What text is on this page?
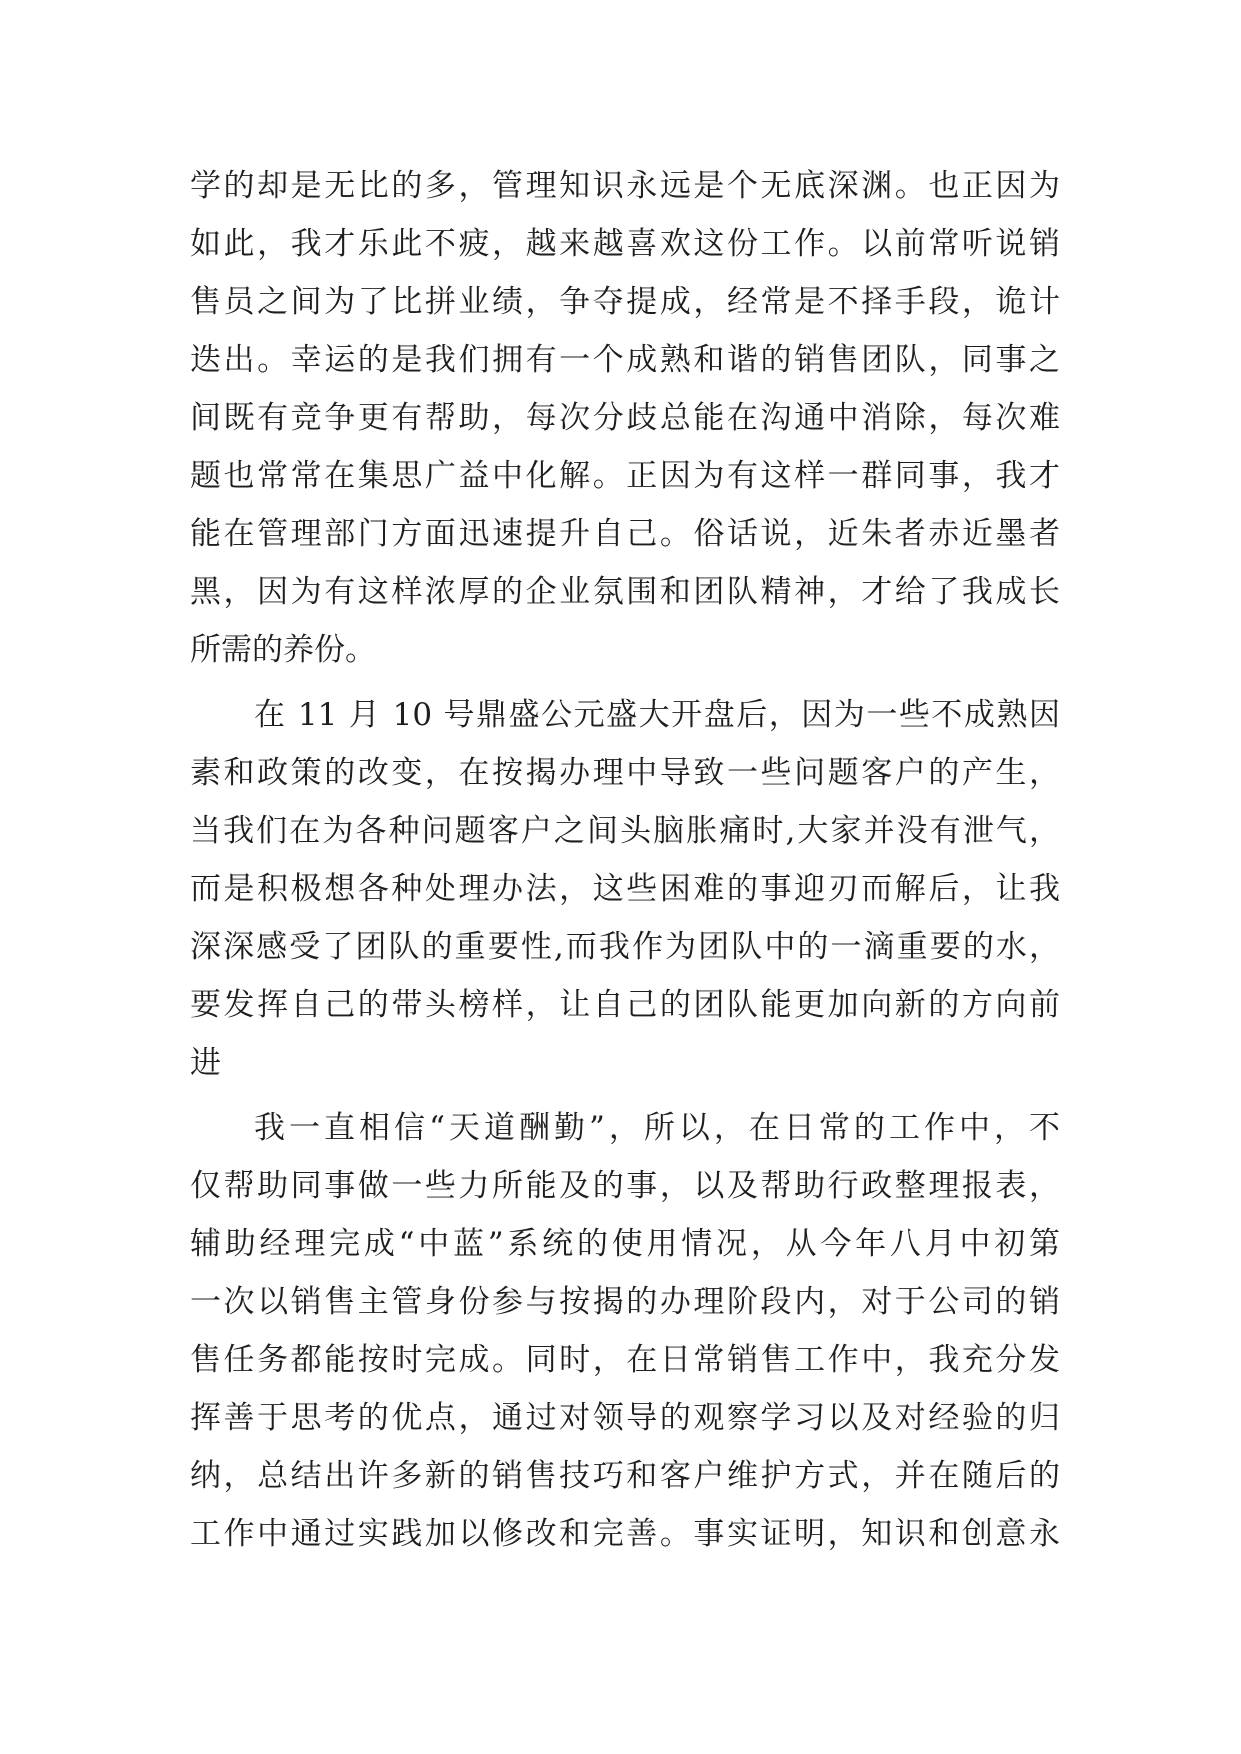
学的却是无比的多，管理知识永远是个无底深渊。也正因为
如此，我才乐此不疲，越来越喜欢这份工作。以前常听说销
售员之间为了比拼业绩，争夺提成，经常是不择手段，诡计
迭出。幸运的是我们拥有一个成熟和谐的销售团队，同事之
间既有竞争更有帮助，每次分歧总能在沟通中消除，每次难
题也常常在集思广益中化解。正因为有这样一群同事，我才
能在管理部门方面迅速提升自己。俗话说，近朱者赤近墨者
黑，因为有这样浓厚的企业氛围和团队精神，才给了我成长
所需的养份。
在 11 月 10 号鼎盛公元盛大开盘后，因为一些不成熟因
素和政策的改变，在按揭办理中导致一些问题客户的产生，
当我们在为各种问题客户之间头脑胀痛时,大家并没有泄气，
而是积极想各种处理办法，这些困难的事迎刃而解后，让我
深深感受了团队的重要性,而我作为团队中的一滴重要的水，
要发挥自己的带头榜样，让自己的团队能更加向新的方向前
进
我一直相信“天道酬勤”，所以，在日常的工作中，不
仅帮助同事做一些力所能及的事，以及帮助行政整理报表，
辅助经理完成“中蓝”系统的使用情况，从今年八月中初第
一次以销售主管身份参与按揭的办理阶段内，对于公司的销
售任务都能按时完成。同时，在日常销售工作中，我充分发
挥善于思考的优点，通过对领导的观察学习以及对经验的归
纳，总结出许多新的销售技巧和客户维护方式，并在随后的
工作中通过实践加以修改和完善。事实证明，知识和创意永
